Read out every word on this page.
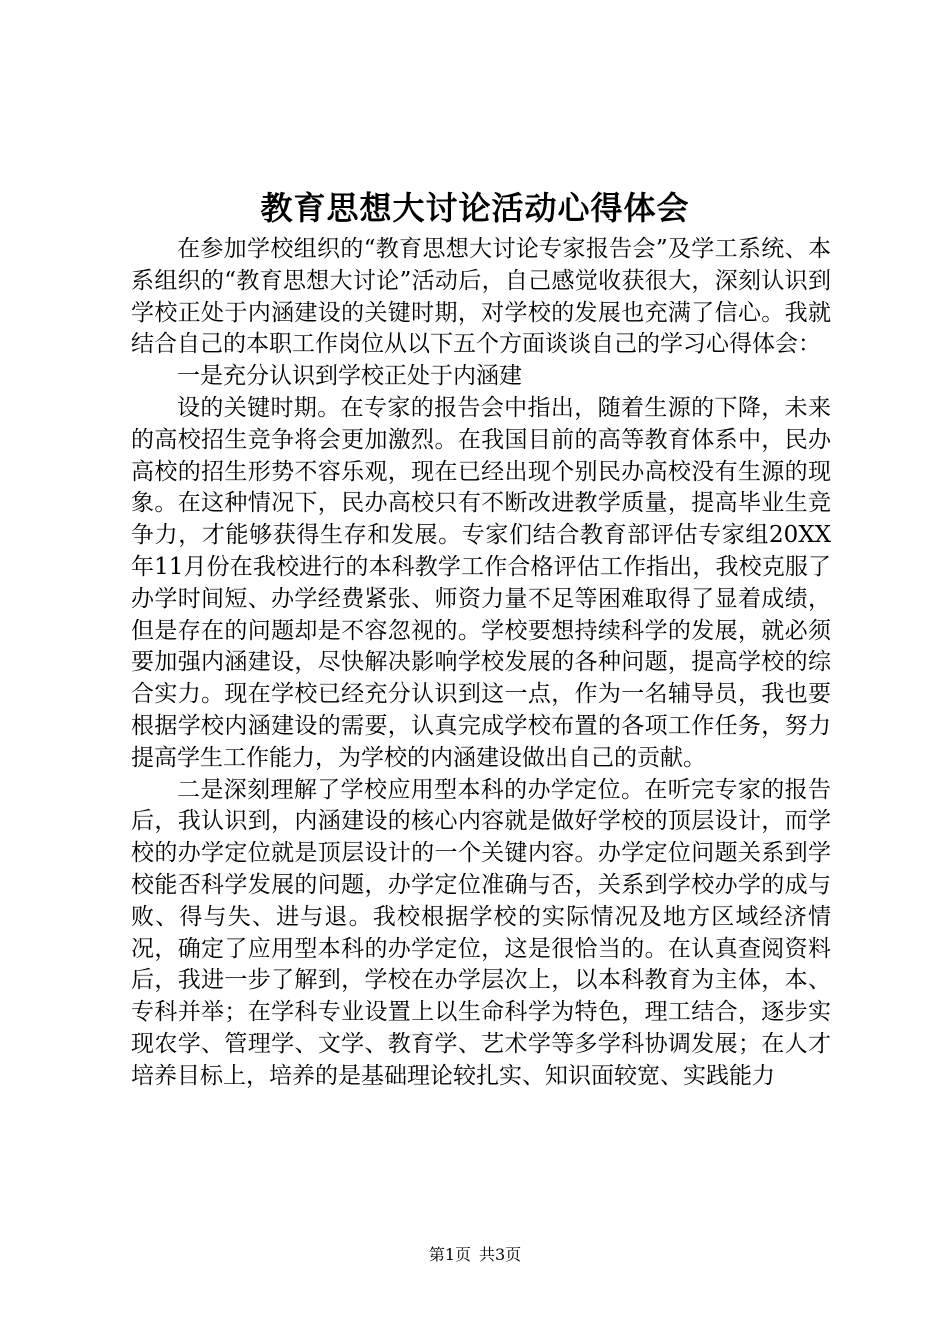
教育思想大讨论活动心得体会

在参加学校组织的“教育思想大讨论专家报告会”及学工系统、本系组织的“教育思想大讨论”活动后，自己感觉收获很大，深刻认识到学校正处于内涵建设的关键时期，对学校的发展也充满了信心。我就结合自己的本职工作岗位从以下五个方面谈谈自己的学习心得体会：

一是充分认识到学校正处于内涵建

设的关键时期。在专家的报告会中指出，随着生源的下降，未来的高校招生竞争将会更加激烈。在我国目前的高等教育体系中，民办高校的招生形势不容乐观，现在已经出现个别民办高校没有生源的现象。在这种情况下，民办高校只有不断改进教学质量，提高毕业生竞争力，才能够获得生存和发展。专家们结合教育部评估专家组20XX年11月份在我校进行的本科教学工作合格评估工作指出，我校克服了办学时间短、办学经费紧张、师资力量不足等困难取得了显着成绩，但是存在的问题却是不容忽视的。学校要想持续科学的发展，就必须要加强内涵建设，尽快解决影响学校发展的各种问题，提高学校的综合实力。现在学校已经充分认识到这一点，作为一名辅导员，我也要根据学校内涵建设的需要，认真完成学校布置的各项工作任务，努力提高学生工作能力，为学校的内涵建设做出自己的贡献。

二是深刻理解了学校应用型本科的办学定位。在听完专家的报告后，我认识到，内涵建设的核心内容就是做好学校的顶层设计，而学校的办学定位就是顶层设计的一个关键内容。办学定位问题关系到学校能否科学发展的问题，办学定位准确与否，关系到学校办学的成与败、得与失、进与退。我校根据学校的实际情况及地方区域经济情况，确定了应用型本科的办学定位，这是很恰当的。在认真查阅资料后，我进一步了解到，学校在办学层次上，以本科教育为主体，本、专科并举；在学科专业设置上以生命科学为特色，理工结合，逐步实现农学、管理学、文学、教育学、艺术学等多学科协调发展；在人才培养目标上，培养的是基础理论较扎实、知识面较宽、实践能力

第1页 共3页
